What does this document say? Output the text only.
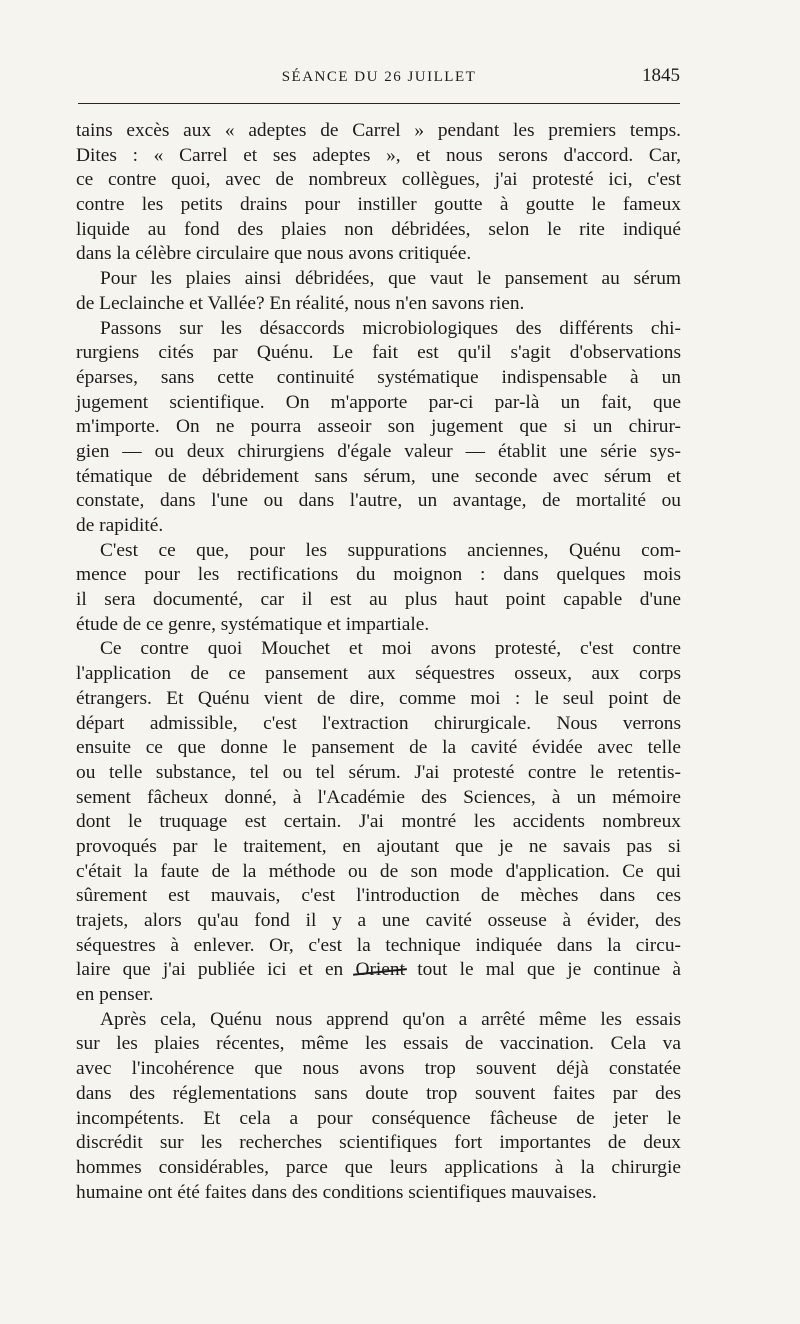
SÉANCE DU 26 JUILLET	1845
tains excès aux « adeptes de Carrel » pendant les premiers temps.
Dites : « Carrel et ses adeptes », et nous serons d'accord. Car,
ce contre quoi, avec de nombreux collègues, j'ai protesté ici, c'est
contre les petits drains pour instiller goutte à goutte le fameux
liquide au fond des plaies non débridées, selon le rite indiqué
dans la célèbre circulaire que nous avons critiquée.
Pour les plaies ainsi débridées, que vaut le pansement au sérum
de Leclainche et Vallée? En réalité, nous n'en savons rien.
Passons sur les désaccords microbiologiques des différents chi-
rurgiens cités par Quénu. Le fait est qu'il s'agit d'observations
éparses, sans cette continuité systématique indispensable à un
jugement scientifique. On m'apporte par-ci par-là un fait, que
m'importe. On ne pourra asseoir son jugement que si un chirur-
gien — ou deux chirurgiens d'égale valeur — établit une série sys-
tématique de débridement sans sérum, une seconde avec sérum et
constate, dans l'une ou dans l'autre, un avantage, de mortalité ou
de rapidité.
C'est ce que, pour les suppurations anciennes, Quénu com-
mence pour les rectifications du moignon : dans quelques mois
il sera documenté, car il est au plus haut point capable d'une
étude de ce genre, systématique et impartiale.
Ce contre quoi Mouchet et moi avons protesté, c'est contre
l'application de ce pansement aux séquestres osseux, aux corps
étrangers. Et Quénu vient de dire, comme moi : le seul point de
départ admissible, c'est l'extraction chirurgicale. Nous verrons
ensuite ce que donne le pansement de la cavité évidée avec telle
ou telle substance, tel ou tel sérum. J'ai protesté contre le retentis-
sement fâcheux donné, à l'Académie des Sciences, à un mémoire
dont le truquage est certain. J'ai montré les accidents nombreux
provoqués par le traitement, en ajoutant que je ne savais pas si
c'était la faute de la méthode ou de son mode d'application. Ce qui
sûrement est mauvais, c'est l'introduction de mèches dans ces
trajets, alors qu'au fond il y a une cavité osseuse à évider, des
séquestres à enlever. Or, c'est la technique indiquée dans la circu-
laire que j'ai publiée ici et en Orient tout le mal que je continue à
en penser.
Après cela, Quénu nous apprend qu'on a arrêté même les essais
sur les plaies récentes, même les essais de vaccination. Cela va
avec l'incohérence que nous avons trop souvent déjà constatée
dans des réglementations sans doute trop souvent faites par des
incompétents. Et cela a pour conséquence fâcheuse de jeter le
discrédit sur les recherches scientifiques fort importantes de deux
hommes considérables, parce que leurs applications à la chirurgie
humaine ont été faites dans des conditions scientifiques mauvaises.
